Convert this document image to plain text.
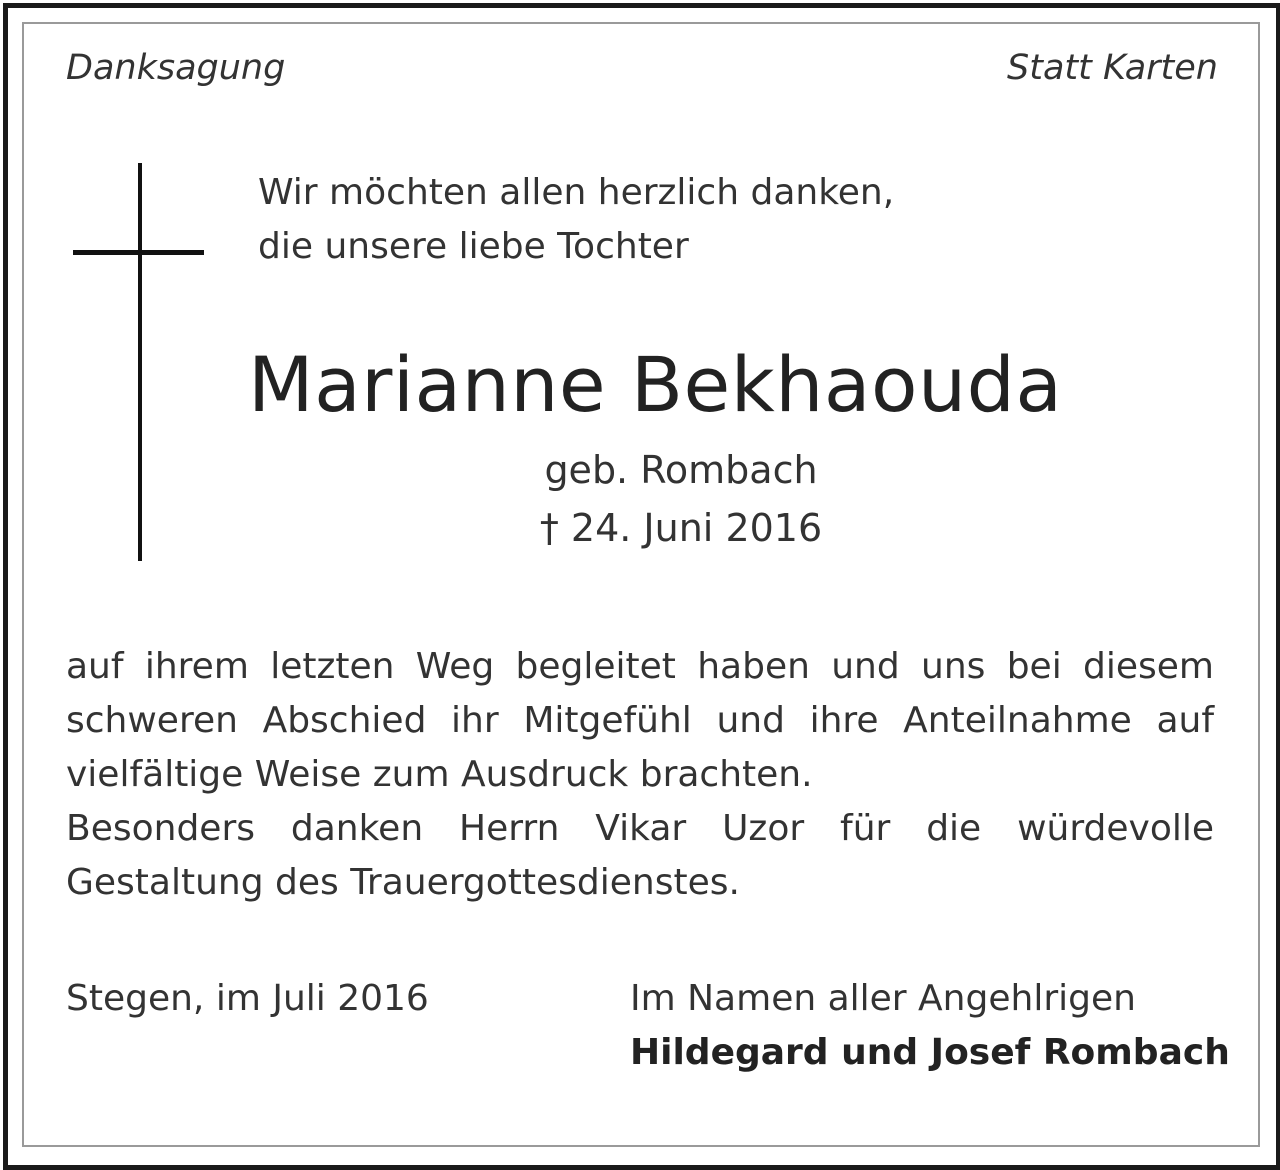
Danksagung	Statt Karten
Wir möchten allen herzlich danken,
die unsere liebe Tochter
Marianne Bekhaouda
geb. Rombach
† 24. Juni 2016
auf ihrem letzten Weg begleitet haben und uns bei diesem
schweren Abschied ihr Mitgefühl und ihre Anteilnahme auf
vielfältige Weise zum Ausdruck brachten.
Besonders danken Herrn Vikar Uzor für die würdevolle
Gestaltung des Trauergottesdienstes.
Stegen, im Juli 2016	Im Namen aller Angehlrigen
Hildegard und Josef Rombach
